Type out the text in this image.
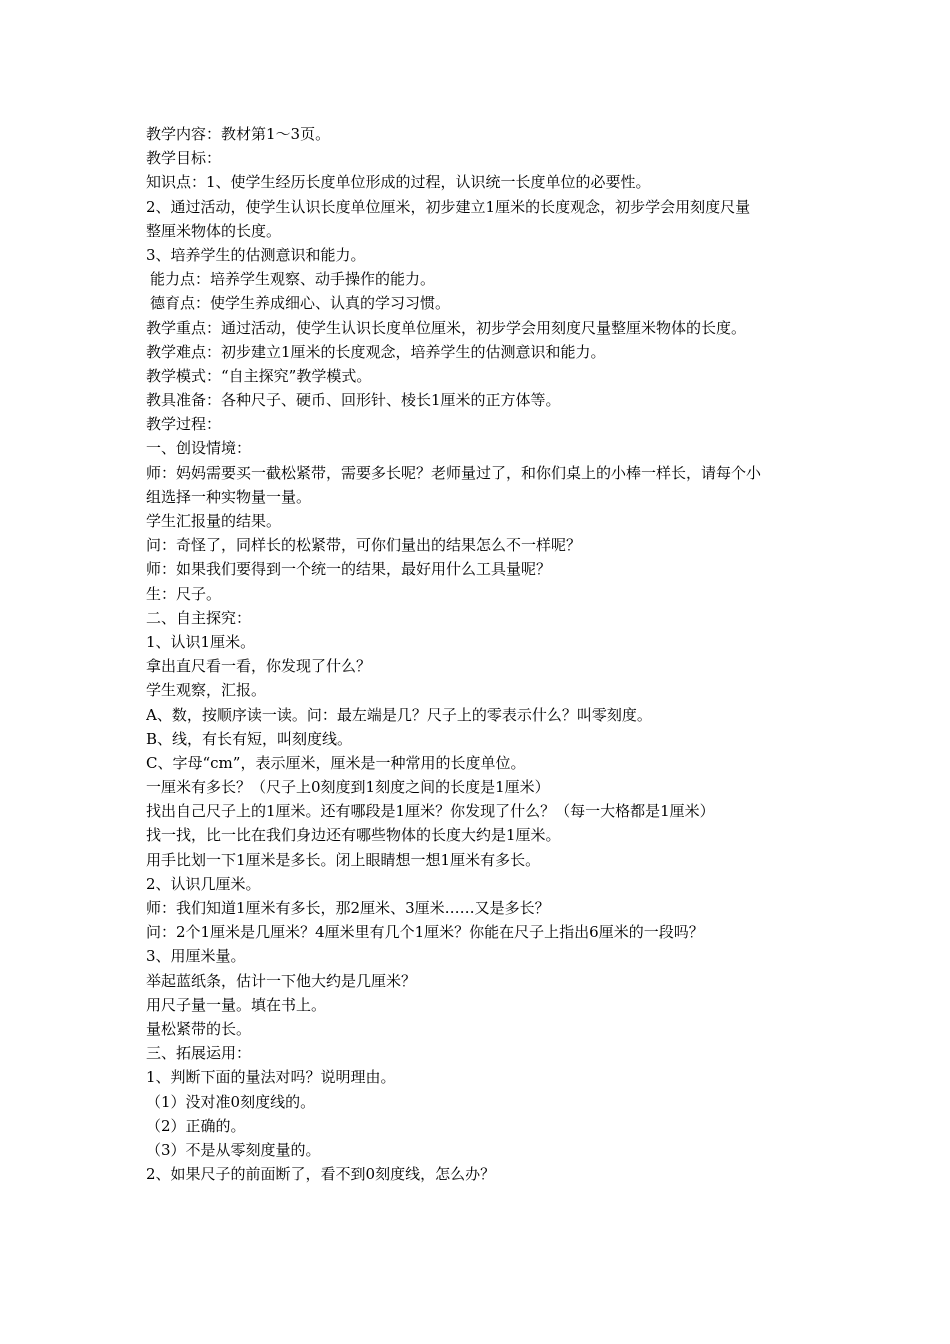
教学内容：教材第1～3页。
教学目标：
知识点：1、使学生经历长度单位形成的过程，认识统一长度单位的必要性。
2、通过活动，使学生认识长度单位厘米，初步建立1厘米的长度观念，初步学会用刻度尺量
整厘米物体的长度。
3、培养学生的估测意识和能力。
能力点：培养学生观察、动手操作的能力。
德育点：使学生养成细心、认真的学习习惯。
教学重点：通过活动，使学生认识长度单位厘米，初步学会用刻度尺量整厘米物体的长度。
教学难点：初步建立1厘米的长度观念，培养学生的估测意识和能力。
教学模式：“自主探究”教学模式。
教具准备：各种尺子、硬币、回形针、棱长1厘米的正方体等。
教学过程：
一、创设情境：
师：妈妈需要买一截松紧带，需要多长呢？老师量过了，和你们桌上的小棒一样长，请每个小
组选择一种实物量一量。
学生汇报量的结果。
问：奇怪了，同样长的松紧带，可你们量出的结果怎么不一样呢？
师：如果我们要得到一个统一的结果，最好用什么工具量呢？
生：尺子。
二、自主探究：
1、认识1厘米。
拿出直尺看一看，你发现了什么？
学生观察，汇报。
A、数，按顺序读一读。问：最左端是几？尺子上的零表示什么？叫零刻度。
B、线，有长有短，叫刻度线。
C、字母“cm”，表示厘米，厘米是一种常用的长度单位。
一厘米有多长？（尺子上0刻度到1刻度之间的长度是1厘米）
找出自己尺子上的1厘米。还有哪段是1厘米？你发现了什么？（每一大格都是1厘米）
找一找，比一比在我们身边还有哪些物体的长度大约是1厘米。
用手比划一下1厘米是多长。闭上眼睛想一想1厘米有多长。
2、认识几厘米。
师：我们知道1厘米有多长，那2厘米、3厘米……又是多长？
问：2个1厘米是几厘米？4厘米里有几个1厘米？你能在尺子上指出6厘米的一段吗？
3、用厘米量。
举起蓝纸条，估计一下他大约是几厘米？
用尺子量一量。填在书上。
量松紧带的长。
三、拓展运用：
1、判断下面的量法对吗？说明理由。
（1）没对准0刻度线的。
（2）正确的。
（3）不是从零刻度量的。
2、如果尺子的前面断了，看不到0刻度线，怎么办？
